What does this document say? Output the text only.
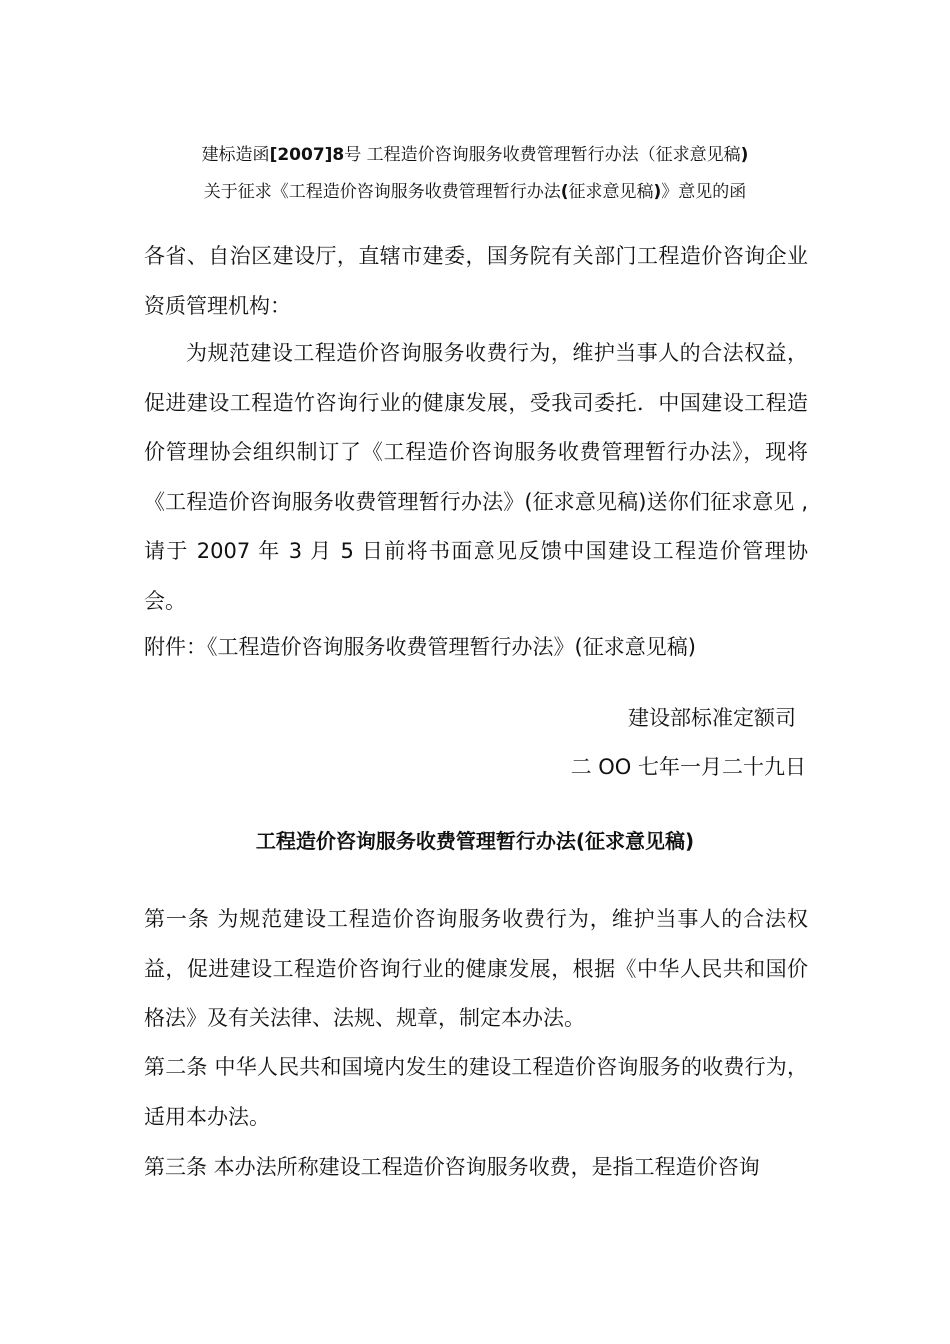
建标造函[2007]8号 工程造价咨询服务收费管理暂行办法（征求意见稿)
关于征求《工程造价咨询服务收费管理暂行办法(征求意见稿)》意见的函
各省、自治区建设厅，直辖市建委，国务院有关部门工程造价咨询企业资质管理机构：
为规范建设工程造价咨询服务收费行为，维护当事人的合法权益，促进建设工程造竹咨询行业的健康发展，受我司委托．中国建设工程造价管理协会组织制订了《工程造价咨询服务收费管理暂行办法》，现将《工程造价咨询服务收费管理暂行办法》(征求意见稿)送你们征求意见 ,请于 2007 年 3 月 5 日前将书面意见反馈中国建设工程造价管理协会。
附件：《工程造价咨询服务收费管理暂行办法》(征求意见稿)
建设部标准定额司
二 OO 七年一月二十九日
工程造价咨询服务收费管理暂行办法(征求意见稿)
第一条 为规范建设工程造价咨询服务收费行为，维护当事人的合法权益，促进建设工程造价咨询行业的健康发展，根据《中华人民共和国价格法》及有关法律、法规、规章，制定本办法。
第二条 中华人民共和国境内发生的建设工程造价咨询服务的收费行为，适用本办法。
第三条 本办法所称建设工程造价咨询服务收费，是指工程造价咨询
